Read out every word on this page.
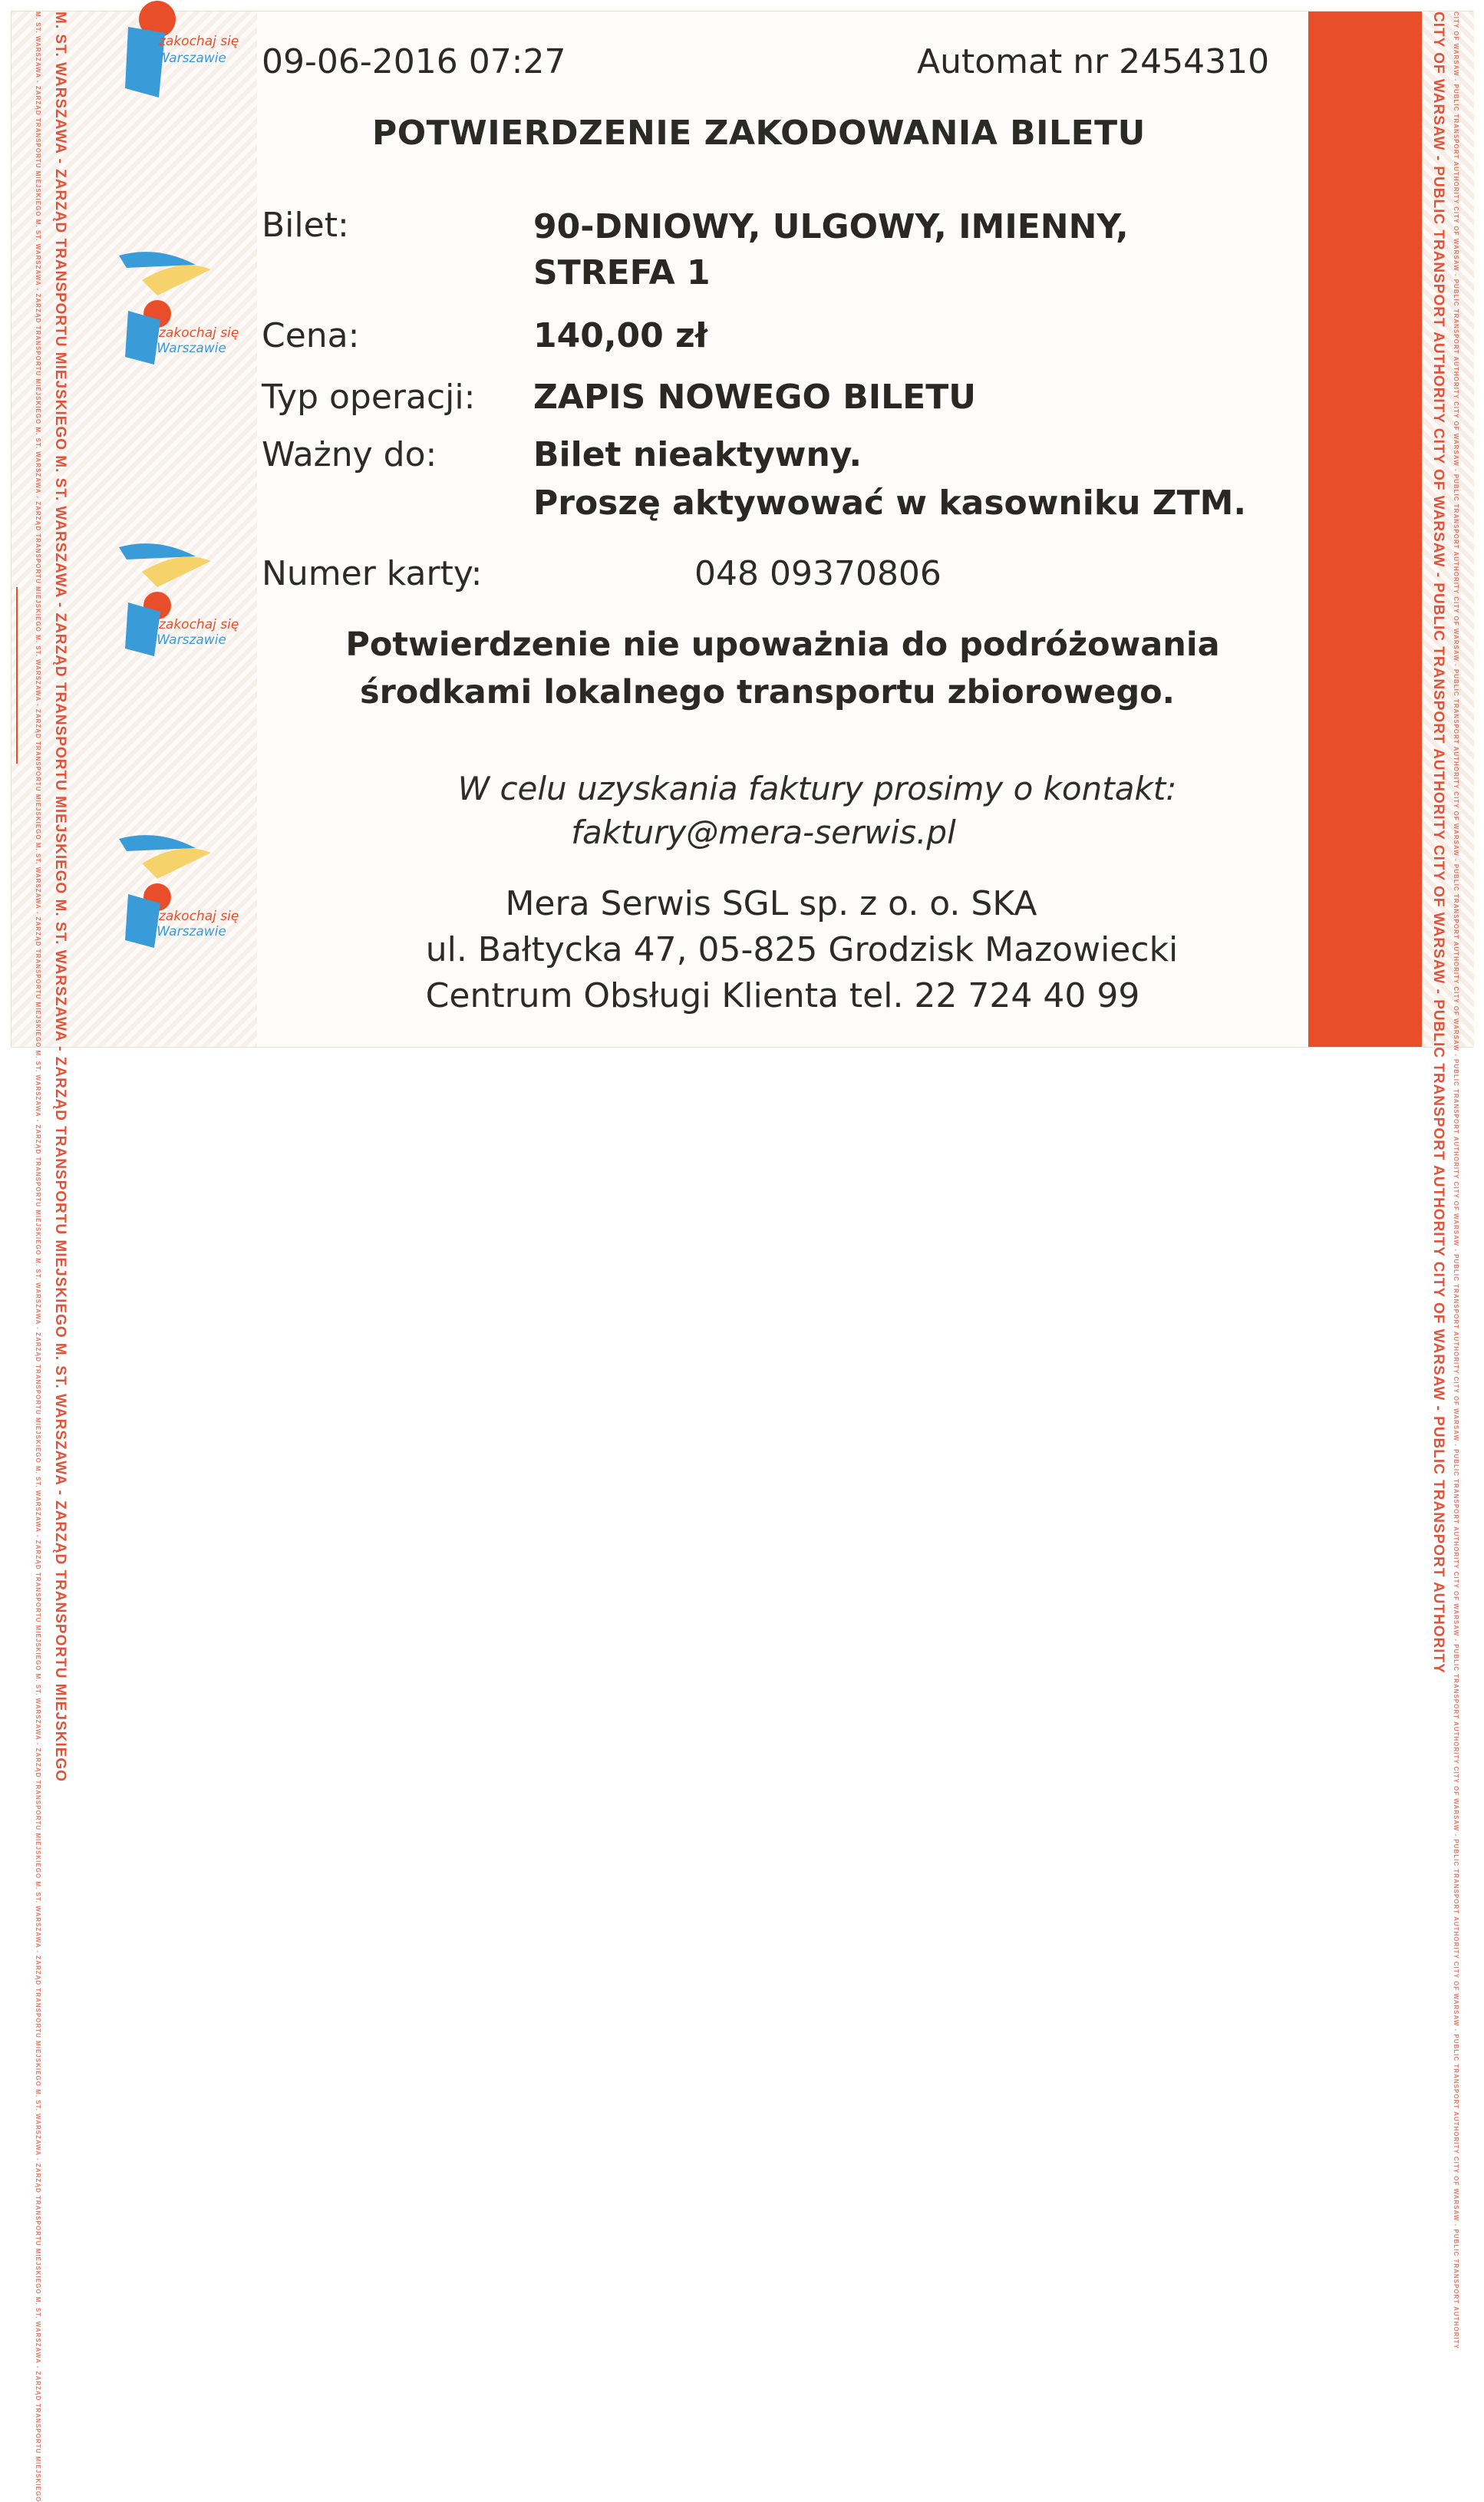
M. ST. WARSZAWA - ZARZĄD TRANSPORTU MIEJSKIEGO M. ST. WARSZAWA - ZARZĄD TRANSPORTU MIEJSKIEGO M. ST. WARSZAWA - ZARZĄD TRANSPORTU MIEJSKIEGO M. ST. WARSZAWA - ZARZĄD TRANSPORTU MIEJSKIEGO
M. ST. WARSZAWA - ZARZĄD TRANSPORTU MIEJSKIEGO M. ST. WARSZAWA - ZARZĄD TRANSPORTU MIEJSKIEGO M. ST. WARSZAWA - ZARZĄD TRANSPORTU MIEJSKIEGO M. ST. WARSZAWA - ZARZĄD TRANSPORTU MIEJSKIEGO M. ST. WARSZAWA - ZARZĄD TRANSPORTU MIEJSKIEGO M. ST. WARSZAWA - ZARZĄD TRANSPORTU MIEJSKIEGO M. ST. WARSZAWA - ZARZĄD TRANSPORTU MIEJSKIEGO M. ST. WARSZAWA - ZARZĄD TRANSPORTU MIEJSKIEGO M. ST. WARSZAWA - ZARZĄD TRANSPORTU MIEJSKIEGO M. ST. WARSZAWA - ZARZĄD TRANSPORTU MIEJSKIEGO M. ST. WARSZAWA - ZARZĄD TRANSPORTU MIEJSKIEGO M. ST. WARSZAWA - ZARZĄD TRANSPORTU MIEJSKIEGO	zakochaj się
w Warszawie
zakochaj się
w Warszawie
zakochaj się
w Warszawie
zakochaj się
w Warszawie	CITY OF WARSAW - PUBLIC TRANSPORT AUTHORITY CITY OF WARSAW - PUBLIC TRANSPORT AUTHORITY CITY OF WARSAW - PUBLIC TRANSPORT AUTHORITY CITY OF WARSAW - PUBLIC TRANSPORT AUTHORITY CITY OF WARSAW - PUBLIC TRANSPORT AUTHORITY CITY OF WARSAW - PUBLIC TRANSPORT AUTHORITY CITY OF WARSAW - PUBLIC TRANSPORT AUTHORITY CITY OF WARSAW - PUBLIC TRANSPORT AUTHORITY CITY OF WARSAW - PUBLIC TRANSPORT AUTHORITY CITY OF WARSAW - PUBLIC TRANSPORT AUTHORITY CITY OF WARSAW - PUBLIC TRANSPORT AUTHORITY CITY OF WARSAW - PUBLIC TRANSPORT AUTHORITY CITY OF WARSAW - PUBLIC TRANSPORT AUTHORITY CITY OF WARSAW - PUBLIC TRANSPORT AUTHORITY CITY OF WARSAW - PUBLIC TRANSPORT AUTHORITY CITY OF WARSAW - PUBLIC TRANSPORT AUTHORITY
09-06-2016 07:27	Automat nr 2454310
POTWIERDZENIE ZAKODOWANIA BILETU
Bilet:	90-DNIOWY, ULGOWY, IMIENNY,
STREFA 1
Cena:	140,00 zł
Typ operacji: ZAPIS NOWEGO BILETU
Ważny do:	Bilet nieaktywny.
Proszę aktywować w kasowniku ZTM.
Numer karty:	048 09370806
Potwierdzenie nie upoważnia do podróżowania
środkami lokalnego transportu zbiorowego.
W celu uzyskania faktury prosimy o kontakt:
faktury@mera-serwis.pl
Mera Serwis SGL sp. z o. o. SKA
ul. Bałtycka 47, 05-825 Grodzisk Mazowiecki
Centrum Obsługi Klienta tel. 22 724 40 99
